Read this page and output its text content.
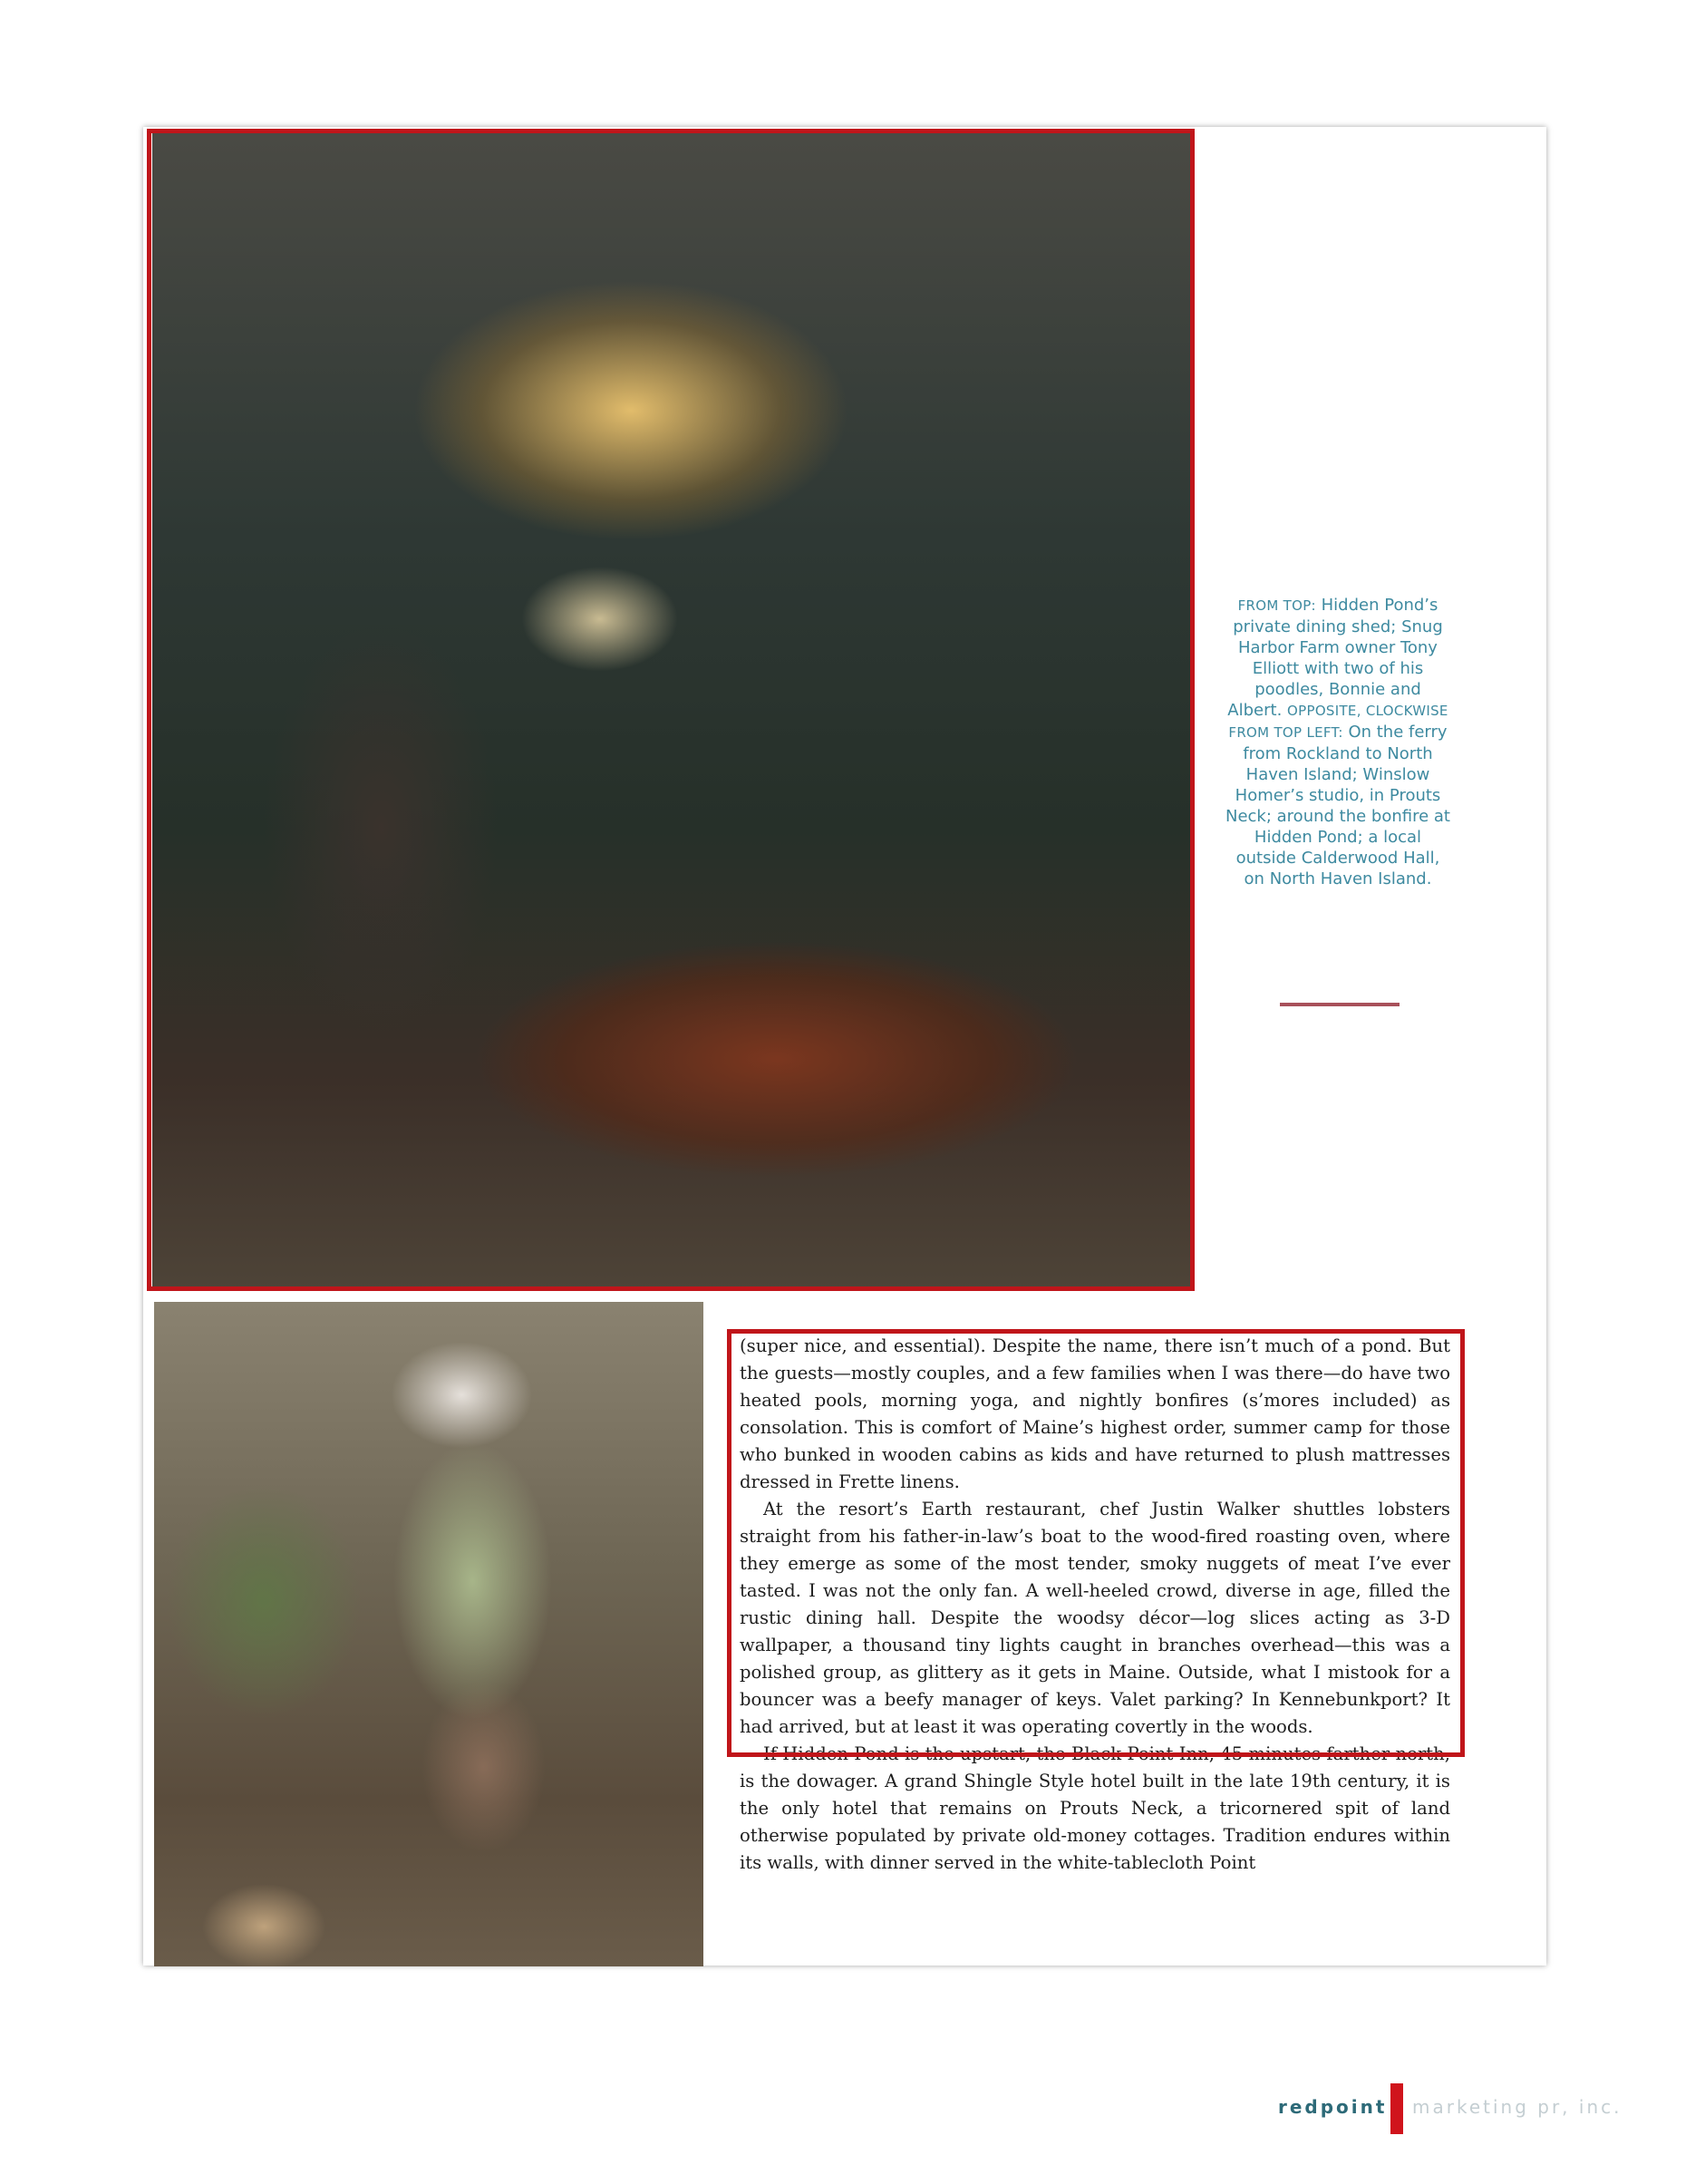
FROM TOP: Hidden Pond’s private dining shed; Snug Harbor Farm owner Tony Elliott with two of his poodles, Bonnie and Albert. OPPOSITE, CLOCKWISE FROM TOP LEFT: On the ferry from Rockland to North Haven Island; Winslow Homer’s studio, in Prouts Neck; around the bonfire at Hidden Pond; a local outside Calderwood Hall, on North Haven Island.

(super nice, and essential). Despite the name, there isn’t much of a pond. But the guests—mostly couples, and a few families when I was there—do have two heated pools, morning yoga, and nightly bonfires (s’mores included) as consolation. This is comfort of Maine’s highest order, summer camp for those who bunked in wooden cabins as kids and have returned to plush mattresses dressed in Frette linens.

At the resort’s Earth restaurant, chef Justin Walker shuttles lobsters straight from his father-in-law’s boat to the wood-fired roasting oven, where they emerge as some of the most tender, smoky nuggets of meat I’ve ever tasted. I was not the only fan. A well-heeled crowd, diverse in age, filled the rustic dining hall. Despite the woodsy décor—log slices acting as 3-D wallpaper, a thousand tiny lights caught in branches overhead—this was a polished group, as glittery as it gets in Maine. Outside, what I mistook for a bouncer was a beefy manager of keys. Valet parking? In Kennebunkport? It had arrived, but at least it was operating covertly in the woods.

If Hidden Pond is the upstart, the Black Point Inn, 45 minutes farther north, is the dowager. A grand Shingle Style hotel built in the late 19th century, it is the only hotel that remains on Prouts Neck, a tricornered spit of land otherwise populated by private old-money cottages. Tradition endures within its walls, with dinner served in the white-tablecloth Point

redpoint marketing pr, inc.
